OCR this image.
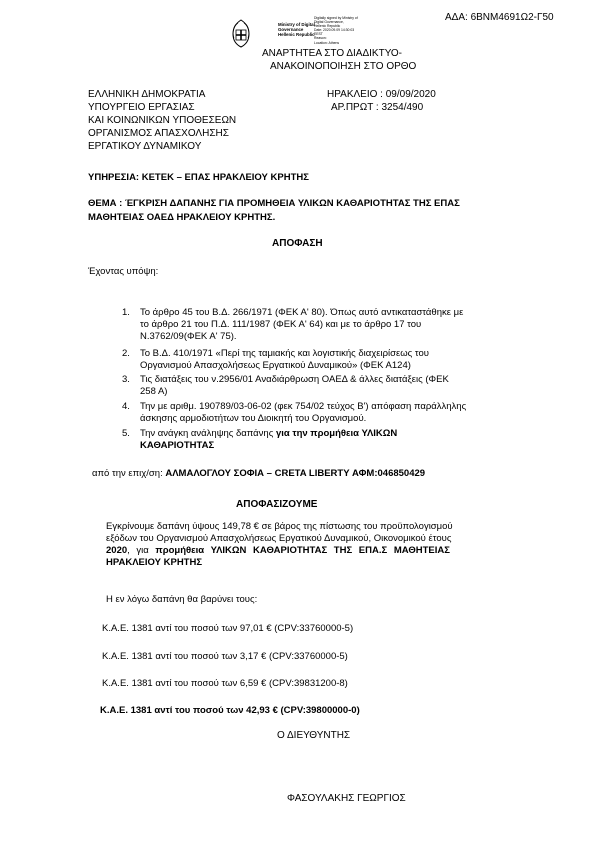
ΑΔΑ: 6ΒΝΜ4691Ω2-Γ50
Ministry of Digital
Governance
Hellenic Republic
Digitally signed by Ministry of
Digital Governance,
Hellenic Republic
Date: 2020.09.09 14:30:03
EEST
Reason:
Location: Athens
ΑΝΑΡΤΗΤΕΑ ΣΤΟ ΔΙΑΔΙΚΤΥΟ-
ΑΝΑΚΟΙΝΟΠΟΙΗΣΗ ΣΤΟ ΟΡΘΟ
ΕΛΛΗΝΙΚΗ ΔΗΜΟΚΡΑΤΙΑ
ΥΠΟΥΡΓΕΙΟ ΕΡΓΑΣΙΑΣ
ΚΑΙ ΚΟΙΝΩΝΙΚΩΝ ΥΠΟΘΕΣΕΩΝ
ΟΡΓΑΝΙΣΜΟΣ ΑΠΑΣΧΟΛΗΣΗΣ
ΕΡΓΑΤΙΚΟΥ ΔΥΝΑΜΙΚΟΥ
ΗΡΑΚΛΕΙΟ : 09/09/2020
ΑΡ.ΠΡΩΤ : 3254/490
ΥΠΗΡΕΣΙΑ: ΚΕΤΕΚ – ΕΠΑΣ ΗΡΑΚΛΕΙΟΥ ΚΡΗΤΗΣ
ΘΕΜΑ : ΈΓΚΡΙΣΗ ΔΑΠΑΝΗΣ ΓΙΑ ΠΡΟΜΗΘΕΙΑ ΥΛΙΚΩΝ ΚΑΘΑΡΙΟΤΗΤΑΣ ΤΗΣ ΕΠΑΣ
ΜΑΘΗΤΕΙΑΣ ΟΑΕΔ ΗΡΑΚΛΕΙΟΥ ΚΡΗΤΗΣ.
ΑΠΟΦΑΣΗ
Έχοντας υπόψη:
1. Το άρθρο 45 του Β.Δ. 266/1971 (ΦΕΚ Α' 80). Όπως αυτό αντικαταστάθηκε με
το άρθρο 21 του Π.Δ. 111/1987 (ΦΕΚ Α' 64) και με το άρθρο 17 του
Ν.3762/09(ΦΕΚ Α' 75).
2. Το Β.Δ. 410/1971 «Περί της ταμιακής και λογιστικής διαχειρίσεως του
Οργανισμού Απασχολήσεως Εργατικού Δυναμικού» (ΦΕΚ Α124)
3. Τις διατάξεις του ν.2956/01 Αναδιάρθρωση ΟΑΕΔ & άλλες διατάξεις (ΦΕΚ
258 Α)
4. Την με αριθμ. 190789/03-06-02 (φεκ 754/02 τεύχος Β') απόφαση παράλληλης
άσκησης αρμοδιοτήτων του Διοικητή του Οργανισμού.
5. Την ανάγκη ανάληψης δαπάνης για την προμήθεια ΥΛΙΚΩΝ
ΚΑΘΑΡΙΟΤΗΤΑΣ
από την επιχ/ση: ΑΛΜΑΛΟΓΛΟΥ ΣΟΦΙΑ – CRETA LIBERTY ΑΦΜ:046850429
ΑΠΟΦΑΣΙΖΟΥΜΕ
Εγκρίνουμε δαπάνη ύψους 149,78 € σε βάρος της πίστωσης του προϋπολογισμού
εξόδων του Οργανισμού Απασχολήσεως Εργατικού Δυναμικού, Οικονομικού έτους
2020, για προμήθεια ΥΛΙΚΩΝ ΚΑΘΑΡΙΟΤΗΤΑΣ ΤΗΣ ΕΠΑ.Σ ΜΑΘΗΤΕΙΑΣ
ΗΡΑΚΛΕΙΟΥ ΚΡΗΤΗΣ
Η εν λόγω δαπάνη θα βαρύνει τους:
Κ.Α.Ε. 1381 αντί του ποσού των 97,01 € (CPV:33760000-5)
Κ.Α.Ε. 1381 αντί του ποσού των 3,17 € (CPV:33760000-5)
Κ.Α.Ε. 1381 αντί του ποσού των 6,59 € (CPV:39831200-8)
Κ.Α.Ε. 1381 αντί του ποσού των 42,93 € (CPV:39800000-0)
Ο ΔΙΕΥΘΥΝΤΗΣ
ΦΑΣΟΥΛΑΚΗΣ ΓΕΩΡΓΙΟΣ
